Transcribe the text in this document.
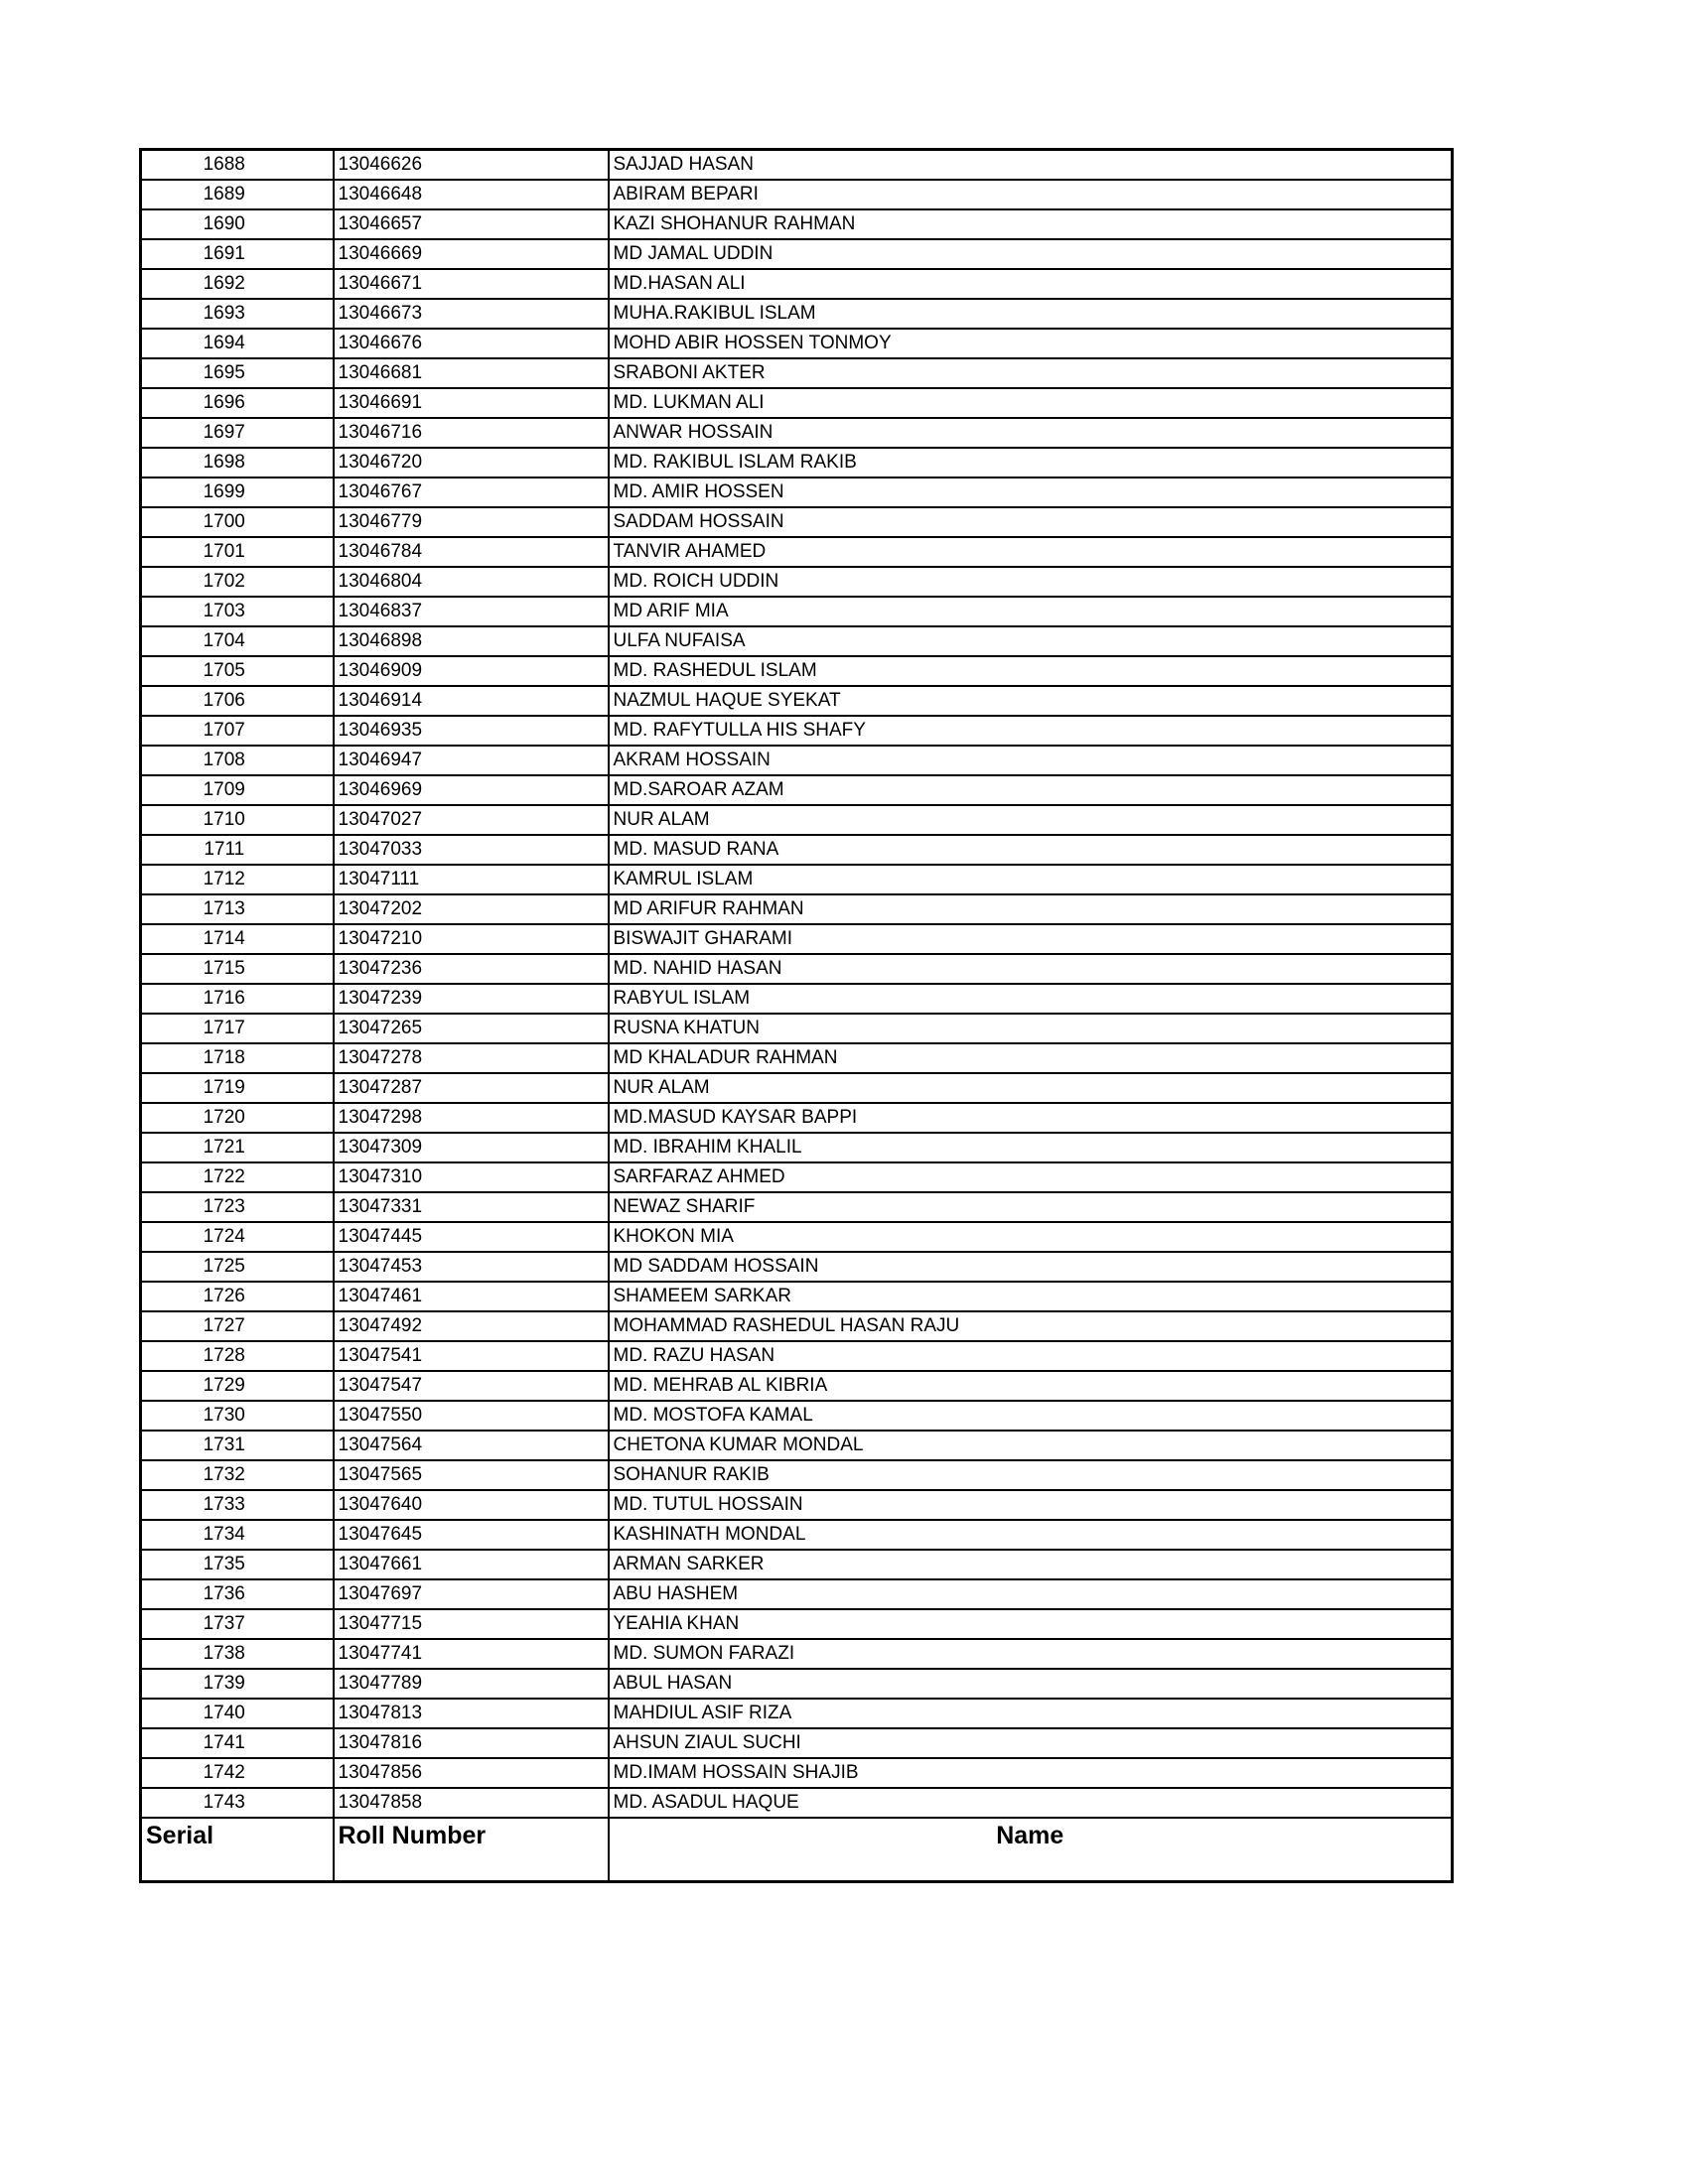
1688	13046626	SAJJAD HASAN
1689	13046648	ABIRAM BEPARI
1690	13046657	KAZI SHOHANUR RAHMAN
1691	13046669	MD JAMAL UDDIN
1692	13046671	MD.HASAN ALI
1693	13046673	MUHA.RAKIBUL ISLAM
1694	13046676	MOHD ABIR HOSSEN TONMOY
1695	13046681	SRABONI AKTER
1696	13046691	MD. LUKMAN ALI
1697	13046716	ANWAR HOSSAIN
1698	13046720	MD. RAKIBUL ISLAM RAKIB
1699	13046767	MD. AMIR HOSSEN
1700	13046779	SADDAM HOSSAIN
1701	13046784	TANVIR AHAMED
1702	13046804	MD. ROICH UDDIN
1703	13046837	MD ARIF MIA
1704	13046898	ULFA NUFAISA
1705	13046909	MD. RASHEDUL ISLAM
1706	13046914	NAZMUL HAQUE SYEKAT
1707	13046935	MD. RAFYTULLA HIS SHAFY
1708	13046947	AKRAM HOSSAIN
1709	13046969	MD.SAROAR AZAM
1710	13047027	NUR ALAM
1711	13047033	MD. MASUD RANA
1712	13047111	KAMRUL ISLAM
1713	13047202	MD ARIFUR RAHMAN
1714	13047210	BISWAJIT GHARAMI
1715	13047236	MD. NAHID HASAN
1716	13047239	RABYUL ISLAM
1717	13047265	RUSNA KHATUN
1718	13047278	MD KHALADUR RAHMAN
1719	13047287	NUR ALAM
1720	13047298	MD.MASUD KAYSAR BAPPI
1721	13047309	MD. IBRAHIM KHALIL
1722	13047310	SARFARAZ AHMED
1723	13047331	NEWAZ SHARIF
1724	13047445	KHOKON MIA
1725	13047453	MD SADDAM HOSSAIN
1726	13047461	SHAMEEM SARKAR
1727	13047492	MOHAMMAD RASHEDUL HASAN RAJU
1728	13047541	MD. RAZU HASAN
1729	13047547	MD. MEHRAB AL KIBRIA
1730	13047550	MD. MOSTOFA KAMAL
1731	13047564	CHETONA KUMAR MONDAL
1732	13047565	SOHANUR RAKIB
1733	13047640	MD. TUTUL HOSSAIN
1734	13047645	KASHINATH MONDAL
1735	13047661	ARMAN SARKER
1736	13047697	ABU HASHEM
1737	13047715	YEAHIA KHAN
1738	13047741	MD. SUMON FARAZI
1739	13047789	ABUL HASAN
1740	13047813	MAHDIUL ASIF RIZA
1741	13047816	AHSUN ZIAUL SUCHI
1742	13047856	MD.IMAM HOSSAIN SHAJIB
1743	13047858	MD. ASADUL HAQUE
Serial	Roll Number	Name
